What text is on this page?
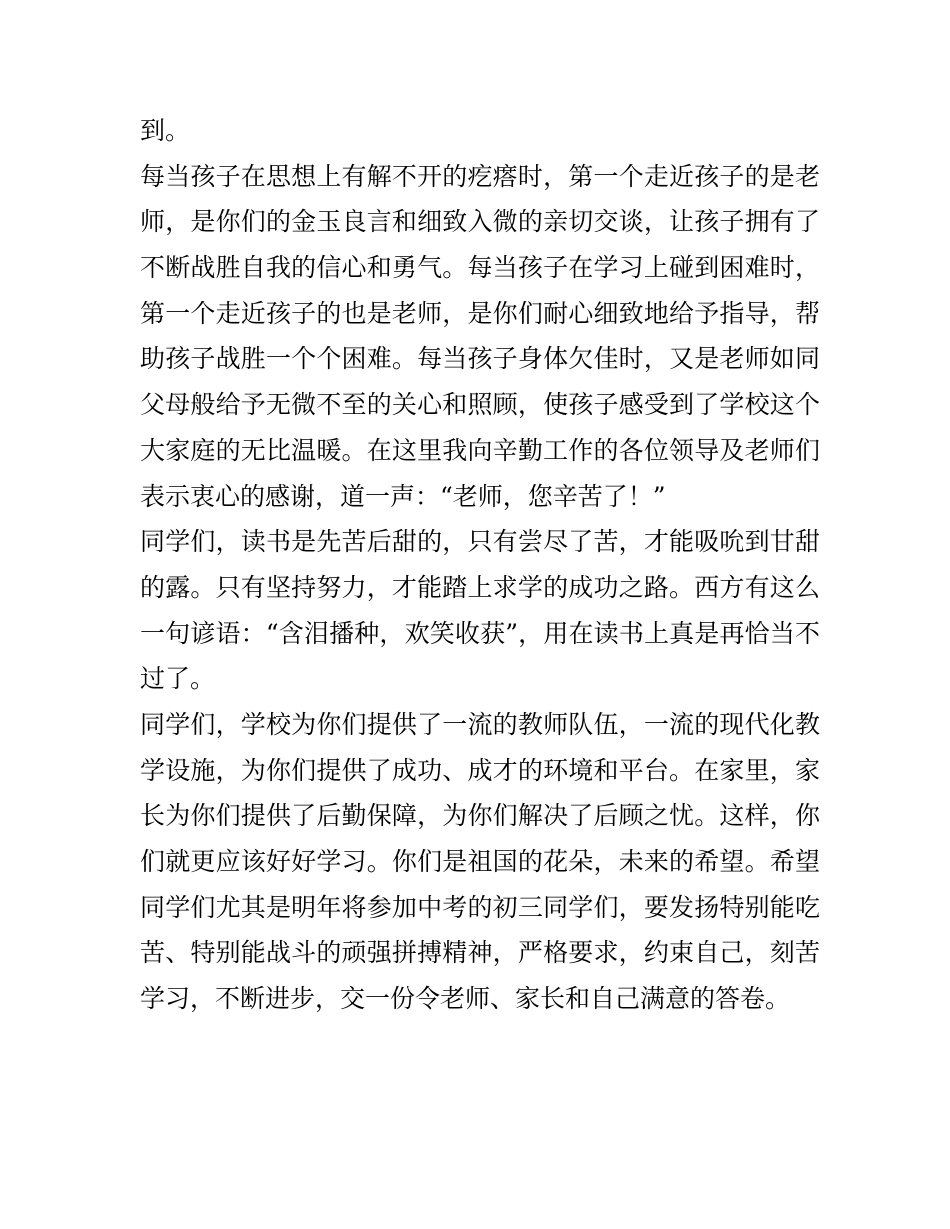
到。
每当孩子在思想上有解不开的疙瘩时，第一个走近孩子的是老
师，是你们的金玉良言和细致入微的亲切交谈，让孩子拥有了
不断战胜自我的信心和勇气。每当孩子在学习上碰到困难时，
第一个走近孩子的也是老师，是你们耐心细致地给予指导，帮
助孩子战胜一个个困难。每当孩子身体欠佳时，又是老师如同
父母般给予无微不至的关心和照顾，使孩子感受到了学校这个
大家庭的无比温暖。在这里我向辛勤工作的各位领导及老师们
表示衷心的感谢，道一声：“老师，您辛苦了！”
同学们，读书是先苦后甜的，只有尝尽了苦，才能吸吮到甘甜
的露。只有坚持努力，才能踏上求学的成功之路。西方有这么
一句谚语：“含泪播种，欢笑收获”，用在读书上真是再恰当不
过了。
同学们，学校为你们提供了一流的教师队伍，一流的现代化教
学设施，为你们提供了成功、成才的环境和平台。在家里，家
长为你们提供了后勤保障，为你们解决了后顾之忧。这样，你
们就更应该好好学习。你们是祖国的花朵，未来的希望。希望
同学们尤其是明年将参加中考的初三同学们，要发扬特别能吃
苦、特别能战斗的顽强拼搏精神，严格要求，约束自己，刻苦
学习，不断进步，交一份令老师、家长和自己满意的答卷。
